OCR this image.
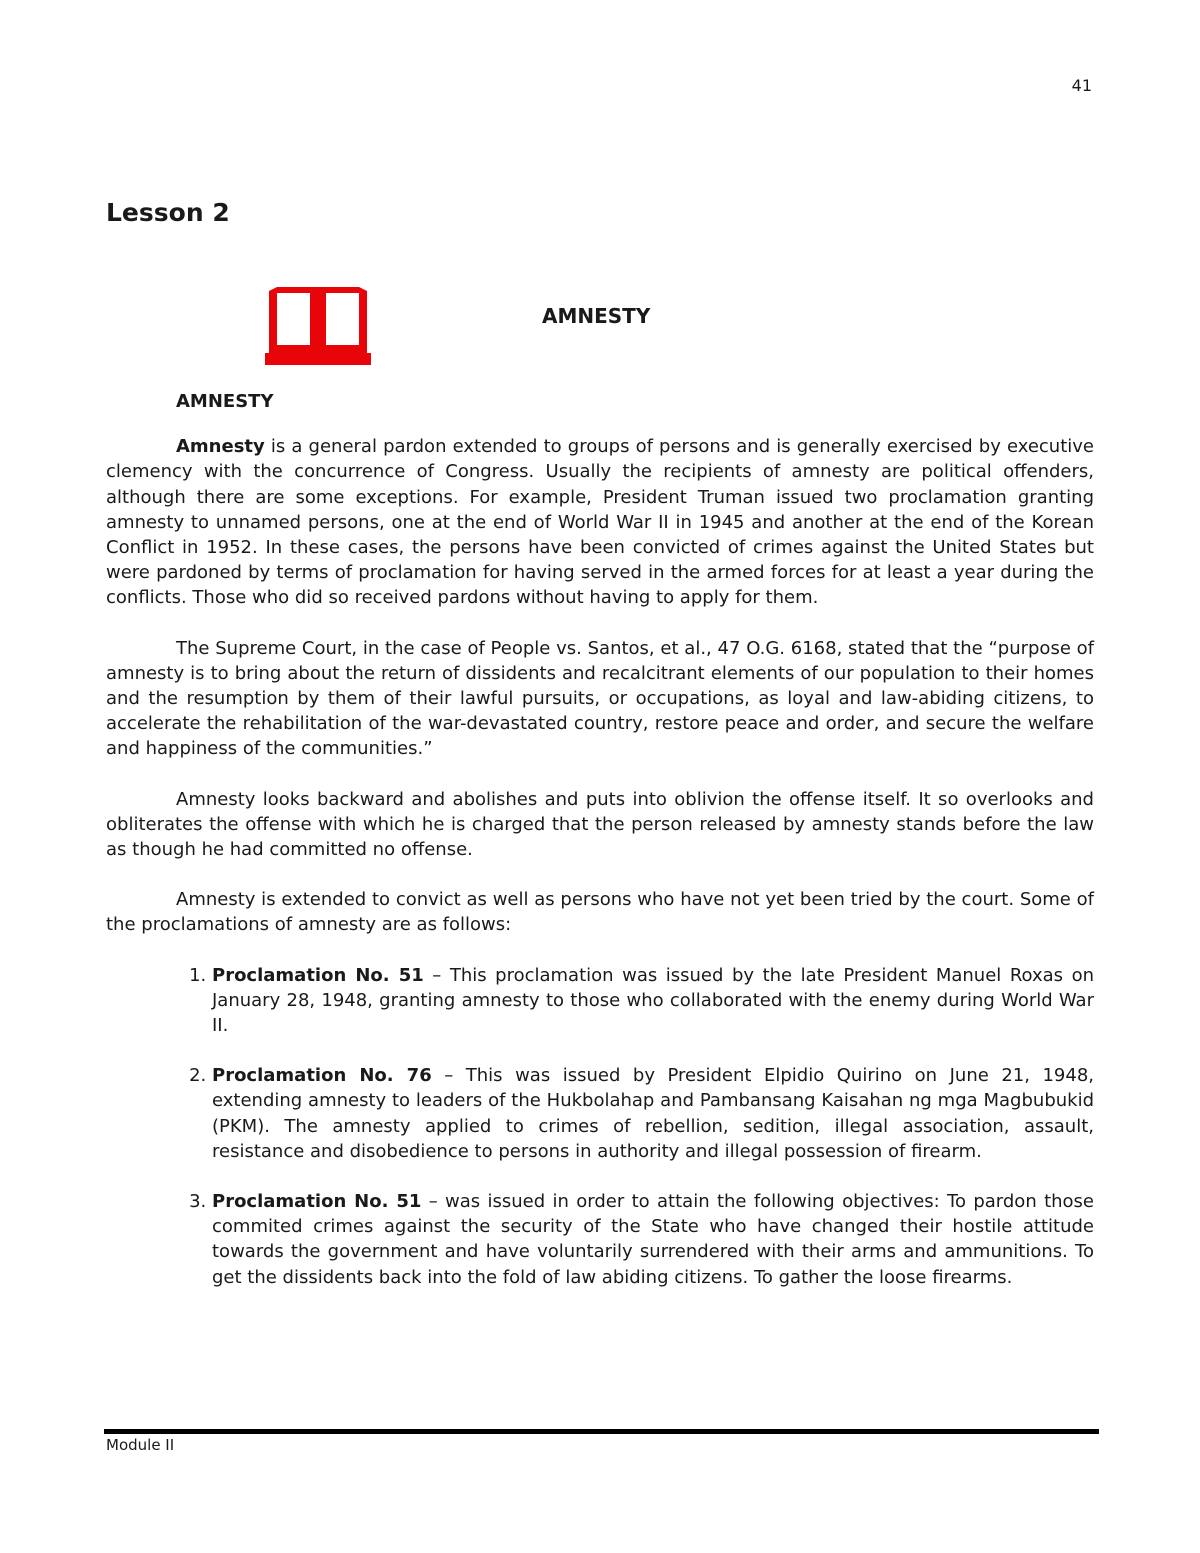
41
Lesson 2
AMNESTY
AMNESTY

Amnesty is a general pardon extended to groups of persons and is generally exercised by executive clemency with the concurrence of Congress. Usually the recipients of amnesty are political offenders, although there are some exceptions. For example, President Truman issued two proclamation granting amnesty to unnamed persons, one at the end of World War II in 1945 and another at the end of the Korean Conflict in 1952. In these cases, the persons have been convicted of crimes against the United States but were pardoned by terms of proclamation for having served in the armed forces for at least a year during the conflicts. Those who did so received pardons without having to apply for them.

The Supreme Court, in the case of People vs. Santos, et al., 47 O.G. 6168, stated that the “purpose of amnesty is to bring about the return of dissidents and recalcitrant elements of our population to their homes and the resumption by them of their lawful pursuits, or occupations, as loyal and law-abiding citizens, to accelerate the rehabilitation of the war-devastated country, restore peace and order, and secure the welfare and happiness of the communities.”

Amnesty looks backward and abolishes and puts into oblivion the offense itself. It so overlooks and obliterates the offense with which he is charged that the person released by amnesty stands before the law as though he had committed no offense.

Amnesty is extended to convict as well as persons who have not yet been tried by the court. Some of the proclamations of amnesty are as follows:

1. Proclamation No. 51 – This proclamation was issued by the late President Manuel Roxas on January 28, 1948, granting amnesty to those who collaborated with the enemy during World War II.
2. Proclamation No. 76 – This was issued by President Elpidio Quirino on June 21, 1948, extending amnesty to leaders of the Hukbolahap and Pambansang Kaisahan ng mga Magbubukid (PKM). The amnesty applied to crimes of rebellion, sedition, illegal association, assault, resistance and disobedience to persons in authority and illegal possession of firearm.
3. Proclamation No. 51 – was issued in order to attain the following objectives: To pardon those commited crimes against the security of the State who have changed their hostile attitude towards the government and have voluntarily surrendered with their arms and ammunitions. To get the dissidents back into the fold of law abiding citizens. To gather the loose firearms.
Module II
